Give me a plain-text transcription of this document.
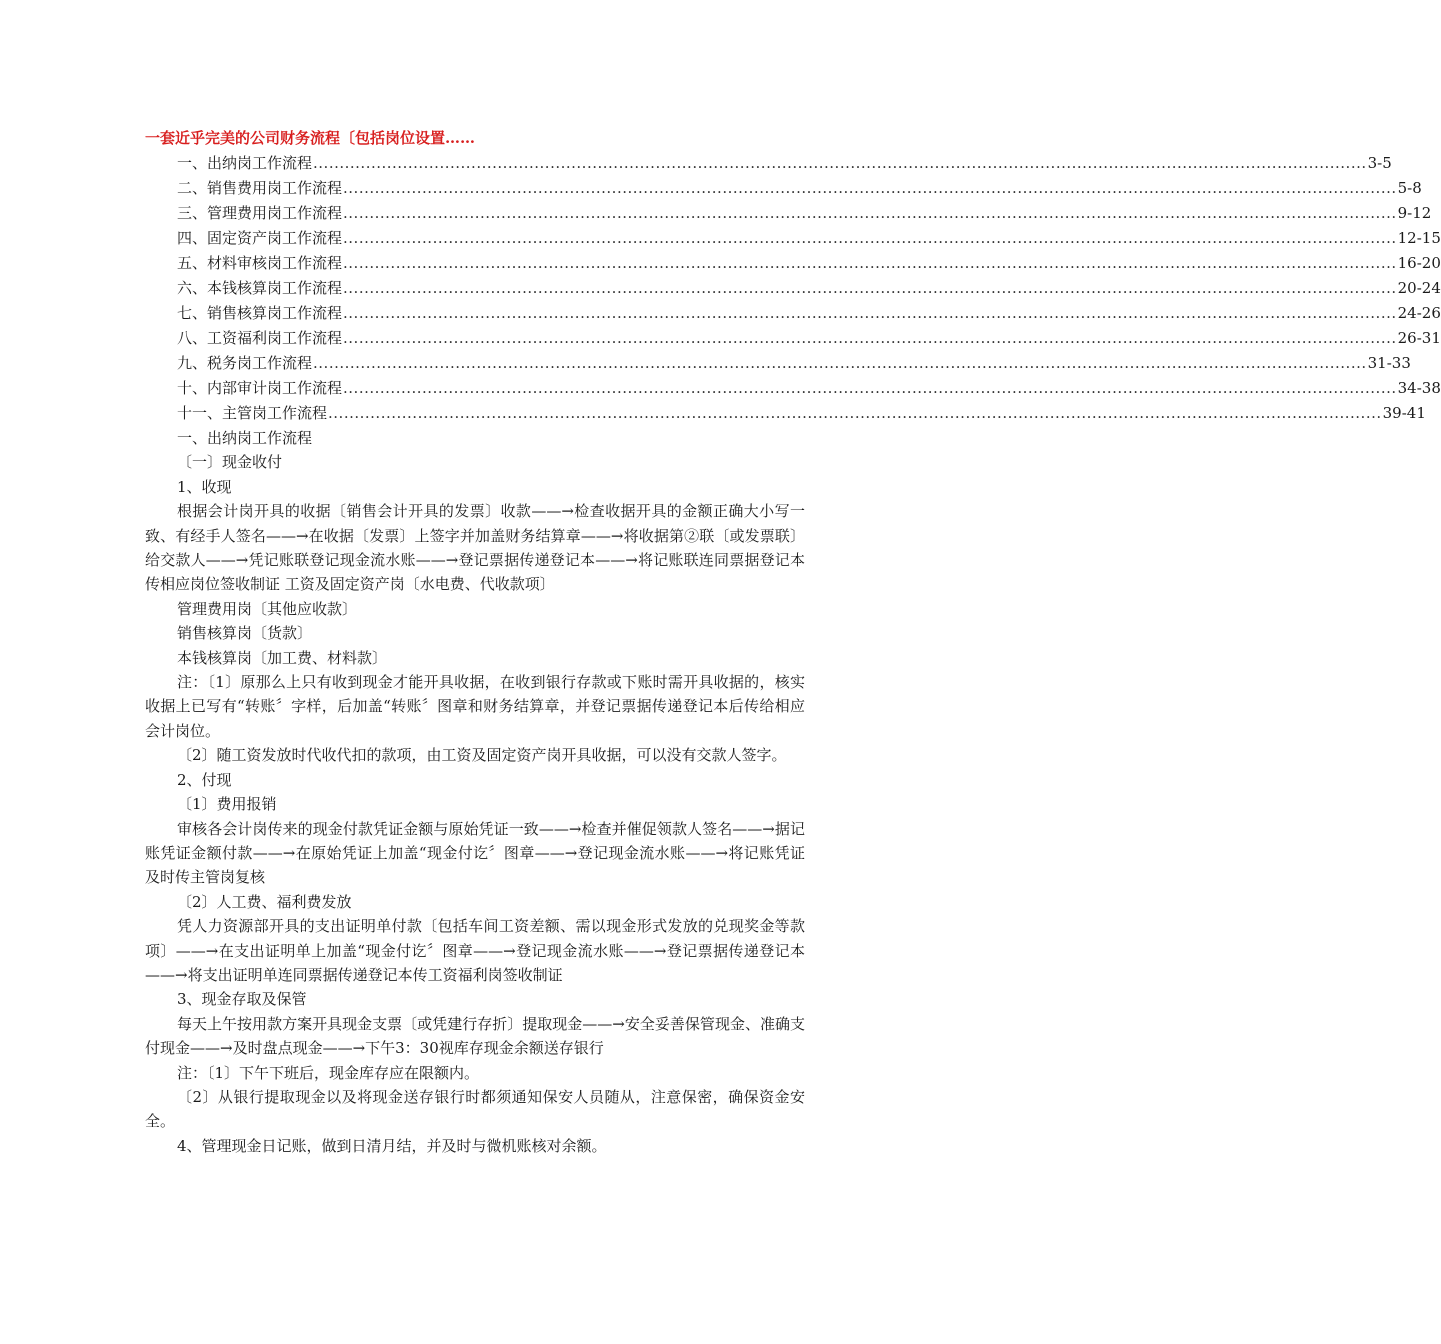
一套近乎完美的公司财务流程〔包括岗位设置……
一、出纳岗工作流程 ........................................................................................................................................................................................................ 3-5
二、销售费用岗工作流程 ........................................................................................................................................................................................................ 5-8
三、管理费用岗工作流程 ........................................................................................................................................................................................................ 9-12
四、固定资产岗工作流程 ........................................................................................................................................................................................................ 12-15
五、材料审核岗工作流程 ........................................................................................................................................................................................................ 16-20
六、本钱核算岗工作流程 ........................................................................................................................................................................................................ 20-24
七、销售核算岗工作流程 ........................................................................................................................................................................................................ 24-26
八、工资福利岗工作流程 ........................................................................................................................................................................................................ 26-31
九、税务岗工作流程 ........................................................................................................................................................................................................ 31-33
十、内部审计岗工作流程 ........................................................................................................................................................................................................ 34-38
十一、主管岗工作流程 ........................................................................................................................................................................................................ 39-41

一、出纳岗工作流程

〔一〕现金收付

1、收现

根据会计岗开具的收据〔销售会计开具的发票〕收款——→检查收据开具的金额正确大小写一致、有经手人签名——→在收据〔发票〕上签字并加盖财务结算章——→将收据第②联〔或发票联〕给交款人——→凭记账联登记现金流水账——→登记票据传递登记本——→将记账联连同票据登记本传相应岗位签收制证 工资及固定资产岗〔水电费、代收款项〕

管理费用岗〔其他应收款〕

销售核算岗〔货款〕

本钱核算岗〔加工费、材料款〕

注：〔1〕原那么上只有收到现金才能开具收据，在收到银行存款或下账时需开具收据的，核实收据上已写有“转账〞字样，后加盖“转账〞图章和财务结算章，并登记票据传递登记本后传给相应会计岗位。

〔2〕随工资发放时代收代扣的款项，由工资及固定资产岗开具收据，可以没有交款人签字。

2、付现

〔1〕费用报销

审核各会计岗传来的现金付款凭证金额与原始凭证一致——→检查并催促领款人签名——→据记账凭证金额付款——→在原始凭证上加盖“现金付讫〞图章——→登记现金流水账——→将记账凭证及时传主管岗复核

〔2〕人工费、福利费发放

凭人力资源部开具的支出证明单付款〔包括车间工资差额、需以现金形式发放的兑现奖金等款项〕——→在支出证明单上加盖“现金付讫〞图章——→登记现金流水账——→登记票据传递登记本——→将支出证明单连同票据传递登记本传工资福利岗签收制证

3、现金存取及保管

每天上午按用款方案开具现金支票〔或凭建行存折〕提取现金——→安全妥善保管现金、准确支付现金——→及时盘点现金——→下午3：30视库存现金余额送存银行

注：〔1〕下午下班后，现金库存应在限额内。

〔2〕从银行提取现金以及将现金送存银行时都须通知保安人员随从，注意保密，确保资金安全。

4、管理现金日记账，做到日清月结，并及时与微机账核对余额。
